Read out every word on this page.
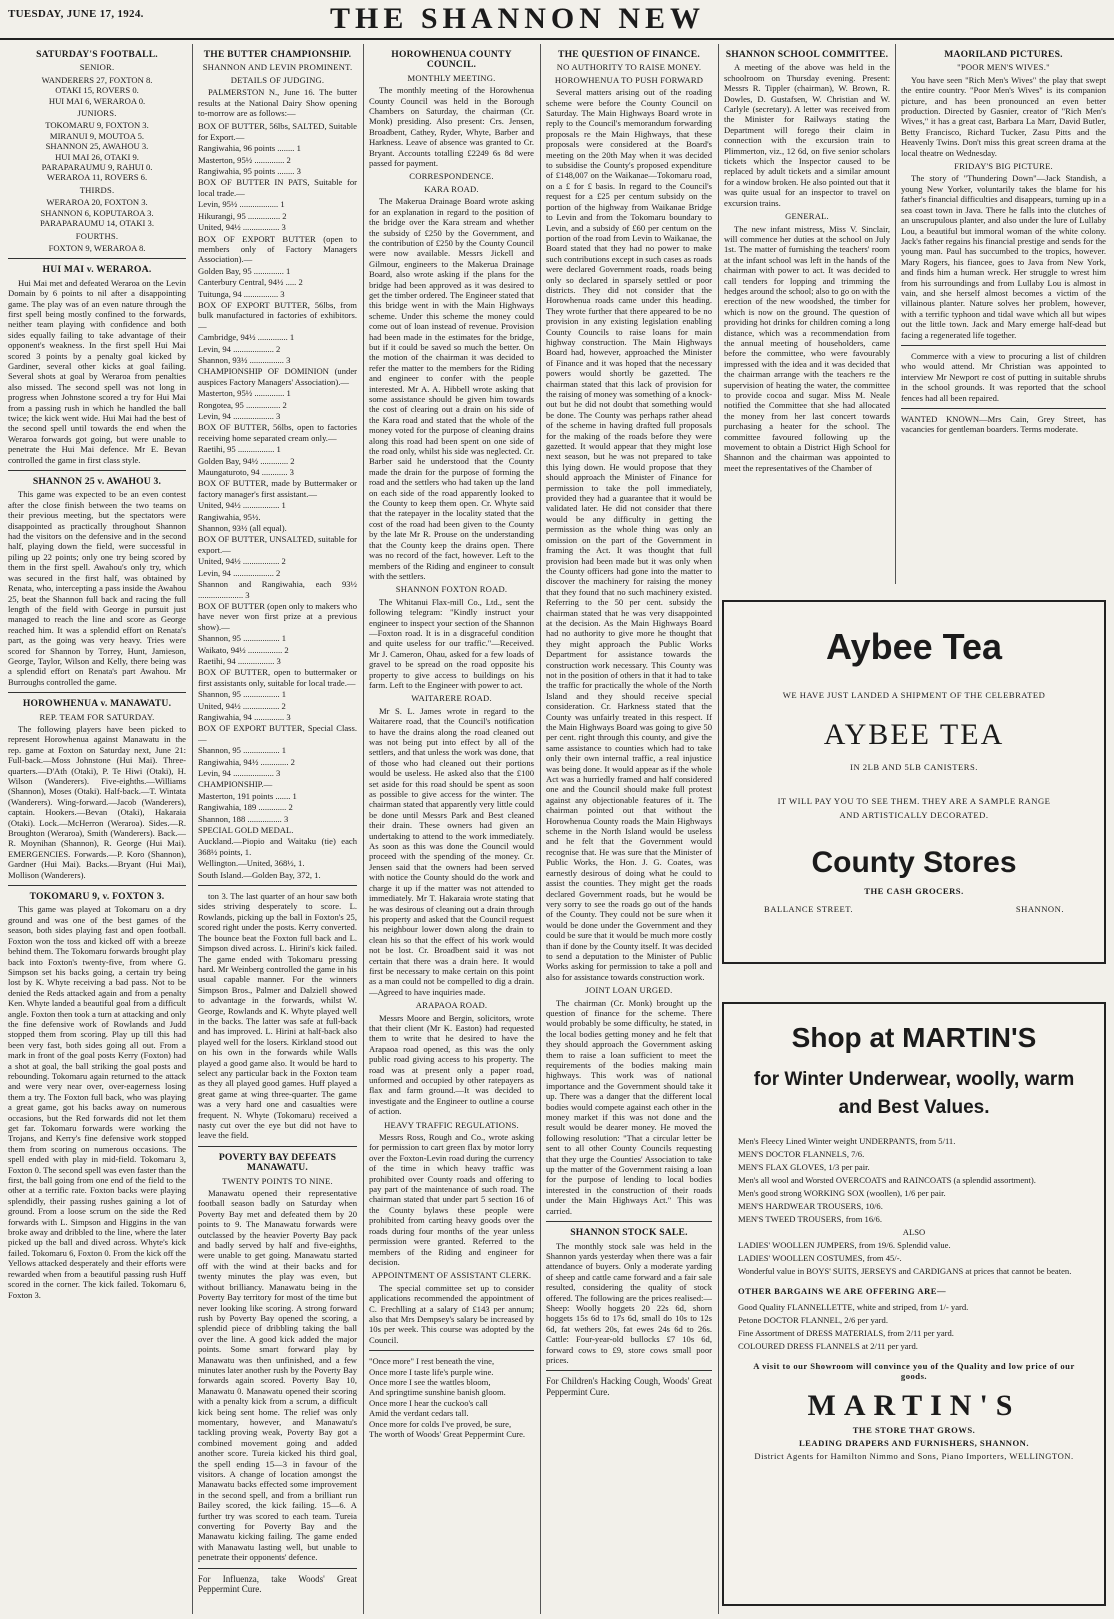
TUESDAY, JUNE 17, 1924.	THE SHANNON NEW
SATURDAY'S FOOTBALL.
SENIOR.
WANDERERS 27, FOXTON 8.
OTAKI 15, ROVERS 0.
HUI MAI 6, WERAROA 0.
JUNIORS.
TOKOMARU 9, FOXTON 3.
MIRANUI 9, MOUTOA 5.
SHANNON 25, AWAHOU 3.
HUI MAI 26, OTAKI 9.
PARAPARAUMU 9, RAHUI 0.
WERAROA 11, ROVERS 6.
THIRDS.
WERAROA 20, FOXTON 3.
SHANNON 6, KOPUTAROA 3.
PARAPARAUMU 14, OTAKI 3.
FOURTHS.
FOXTON 9, WERAROA 8.
HUI MAI v. WERAROA.

Hui Mai met and defeated Weraroa on the Levin Domain by 6 points to nil after a disappointing game. The play was of an even nature through the first spell being mostly confined to the forwards, neither team playing with confidence and both sides equally failing to take advantage of their opponent's weakness. In the first spell Hui Mai scored 3 points by a penalty goal kicked by Gardiner, several other kicks at goal failing. Several shots at goal by Weraroa from penalties also missed. The second spell was not long in progress when Johnstone scored a try for Hui Mai from a passing rush in which he handled the ball twice; the kick went wide. Hui Mai had the best of the second spell until towards the end when the Weraroa forwards got going, but were unable to penetrate the Hui Mai defence. Mr E. Bevan controlled the game in first class style.

SHANNON 25 v. AWAHOU 3.

This game was expected to be an even contest after the close finish between the two teams on their previous meeting, but the spectators were disappointed as practically throughout Shannon had the visitors on the defensive and in the second half, playing down the field, were successful in piling up 22 points; only one try being scored by them in the first spell. Awahou's only try, which was secured in the first half, was obtained by Renata, who, intercepting a pass inside the Awahou 25, beat the Shannon full back and racing the full length of the field with George in pursuit just managed to reach the line and score as George reached him. It was a splendid effort on Renata's part, as the going was very heavy. Tries were scored for Shannon by Torrey, Hunt, Jamieson, George, Taylor, Wilson and Kelly, there being was a splendid effort on Renata's part Awahou. Mr Burroughs controlled the game.

HOROWHENUA v. MANAWATU.
REP. TEAM FOR SATURDAY.

The following players have been picked to represent Horowhenua against Manawatu in the rep. game at Foxton on Saturday next, June 21: Full-back.—Moss Johnstone (Hui Mai). Three-quarters.—D'Ath (Otaki), P. Te Hiwi (Otaki), H. Wilson (Wanderers). Five-eighths.—Williams (Shannon), Moses (Otaki). Half-back.—T. Wintata (Wanderers). Wing-forward.—Jacob (Wanderers), captain. Hookers.—Bevan (Otaki), Hakaraia (Otaki). Lock.—McHerron (Weraroa). Sides.—R. Broughton (Weraroa), Smith (Wanderers). Back.—R. Moynihan (Shannon), R. George (Hui Mai). EMERGENCIES. Forwards.—P. Koro (Shannon), Gardner (Hui Mai). Backs.—Bryant (Hui Mai), Mollison (Wanderers).

TOKOMARU 9, v. FOXTON 3.

This game was played at Tokomaru on a dry ground and was one of the best games of the season, both sides playing fast and open football. Foxton won the toss and kicked off with a breeze behind them. The Tokomaru forwards brought play back into Foxton's twenty-five, from where G. Simpson set his backs going, a certain try being lost by K. Whyte receiving a bad pass. Not to be denied the Reds attacked again and from a penalty Ken. Whyte landed a beautiful goal from a difficult angle. Foxton then took a turn at attacking and only the fine defensive work of Rowlands and Judd stopped them from scoring. Play up till this had been very fast, both sides going all out. From a mark in front of the goal posts Kerry (Foxton) had a shot at goal, the ball striking the goal posts and rebounding. Tokomaru again returned to the attack and were very near over, over-eagerness losing them a try. The Foxton full back, who was playing a great game, got his backs away on numerous occasions, but the Red forwards did not let them get far. Tokomaru forwards were working the Trojans, and Kerry's fine defensive work stopped them from scoring on numerous occasions. The spell ended with play in mid-field. Tokomaru 3, Foxton 0. The second spell was even faster than the first, the ball going from one end of the field to the other at a terrific rate. Foxton backs were playing splendidly, their passing rushes gaining a lot of ground. From a loose scrum on the side the Red forwards with L. Simpson and Higgins in the van broke away and dribbled to the line, where the later picked up the ball and dived across. Whyte's kick failed. Tokomaru 6, Foxton 0. From the kick off the Yellows attacked desperately and their efforts were rewarded when from a beautiful passing rush Huff scored in the corner. The kick failed. Tokomaru 6, Foxton 3.

THE BUTTER CHAMPIONSHIP.
SHANNON AND LEVIN PROMINENT.
DETAILS OF JUDGING.

PALMERSTON N., June 16. The butter results at the National Dairy Show opening to-morrow are as follows:—

BOX OF BUTTER, 56lbs, SALTED, Suitable for Export.—
Rangiwahia, 96 points ........ 1
Masterton, 95½ .............. 2
Rangiwahia, 95 points ........ 3
BOX OF BUTTER IN PATS, Suitable for local trade.—
Levin, 95½ .................. 1
Hikurangi, 95 ............... 2
United, 94½ ................. 3
BOX OF EXPORT BUTTER (open to members only of Factory Managers Association).—
Golden Bay, 95 .............. 1
Canterbury Central, 94½ ..... 2
Tuitunga, 94 ................ 3
BOX OF EXPORT BUTTER, 56lbs, from bulk manufactured in factories of exhibitors.—
Cambridge, 94½ .............. 1
Levin, 94 ................... 2
Shannon, 93½ ................ 3
CHAMPIONSHIP OF DOMINION (under auspices Factory Managers' Association).—
Masterton, 95½ .............. 1
Rongotea, 95 ................ 2
Levin, 94 ................... 3
BOX OF BUTTER, 56lbs, open to factories receiving home separated cream only.—
Raetihi, 95 ................. 1
Golden Bay, 94½ ............. 2
Maungaturoto, 94 ............ 3
BOX OF BUTTER, made by Buttermaker or factory manager's first assistant.—
United, 94½ ................. 1
Rangiwahia, 95½.
Shannon, 93½ (all equal).
BOX OF BUTTER, UNSALTED, suitable for export.—
United, 94½ ................. 2
Levin, 94 ................... 2
Shannon and Rangiwahia, each 93½ ..................... 3
BOX OF BUTTER (open only to makers who have never won first prize at a previous show).—
Shannon, 95 ................. 1
Waikato, 94½ ................ 2
Raetihi, 94 ................. 3
BOX OF BUTTER, open to buttermaker or first assistants only, suitable for local trade.—
Shannon, 95 ................. 1
United, 94½ ................. 2
Rangiwahia, 94 .............. 3
BOX OF EXPORT BUTTER, Special Class.—
Shannon, 95 ................. 1
Rangiwahia, 94½ ............. 2
Levin, 94 ................... 3
CHAMPIONSHIP.—
Masterton, 191 points ....... 1
Rangiwahia, 189 ............. 2
Shannon, 188 ................ 3
SPECIAL GOLD MEDAL.
Auckland.—Piopio and Waitaku (tie) each 368½ points, 1.
Wellington.—United, 368½, 1.
South Island.—Golden Bay, 372, 1.

ton 3. The last quarter of an hour saw both sides striving desperately to score. L. Rowlands, picking up the ball in Foxton's 25, scored right under the posts. Kerry converted. The bounce beat the Foxton full back and L. Simpson dived across. L. Hirini's kick failed. The game ended with Tokomaru pressing hard. Mr Weinberg controlled the game in his usual capable manner. For the winners Simpson Bros., Palmer and Dalziell showed to advantage in the forwards, whilst W. George, Rowlands and K. Whyte played well in the backs. The latter was safe at full-back and has improved. L. Hirini at half-back also played well for the losers. Kirkland stood out on his own in the forwards while Walls played a good game also. It would be hard to select any particular back in the Foxton team as they all played good games. Huff played a great game at wing three-quarter. The game was a very hard one and casualties were frequent. N. Whyte (Tokomaru) received a nasty cut over the eye but did not have to leave the field.

POVERTY BAY DEFEATS MANAWATU.
TWENTY POINTS TO NINE.

Manawatu opened their representative football season badly on Saturday when Poverty Bay met and defeated them by 20 points to 9. The Manawatu forwards were outclassed by the heavier Poverty Bay pack and badly served by half and five-eighths, were unable to get going. Manawatu started off with the wind at their backs and for twenty minutes the play was even, but without brilliancy. Manawatu being in the Poverty Bay territory for most of the time but never looking like scoring. A strong forward rush by Poverty Bay opened the scoring, a splendid piece of dribbling taking the ball over the line. A good kick added the major points. Some smart forward play by Manawatu was then unfinished, and a few minutes later another rush by the Poverty Bay forwards again scored. Poverty Bay 10, Manawatu 0. Manawatu opened their scoring with a penalty kick from a scrum, a difficult kick being sent home. The relief was only momentary, however, and Manawatu's tackling proving weak, Poverty Bay got a combined movement going and added another score. Tureia kicked his third goal, the spell ending 15—3 in favour of the visitors. A change of location amongst the Manawatu backs effected some improvement in the second spell, and from a brilliant run Bailey scored, the kick failing. 15—6. A further try was scored to each team. Tureia converting for Poverty Bay and the Manawatu kicking failing. The game ended with Manawatu lasting well, but unable to penetrate their opponents' defence.

For Influenza, take Woods' Great Peppermint Cure.
HOROWHENUA COUNTY COUNCIL.
MONTHLY MEETING.

The monthly meeting of the Horowhenua County Council was held in the Borough Chambers on Saturday, the chairman (Cr. Monk) presiding. Also present: Crs. Jensen, Broadbent, Cathey, Ryder, Whyte, Barber and Harkness. Leave of absence was granted to Cr. Bryant. Accounts totalling £2249 6s 8d were passed for payment.

CORRESPONDENCE.
KARA ROAD.

The Makerua Drainage Board wrote asking for an explanation in regard to the position of the bridge over the Kara stream and whether the subsidy of £250 by the Government, and the contribution of £250 by the County Council were now available. Messrs Jickell and Gilmour, engineers to the Makerua Drainage Board, also wrote asking if the plans for the bridge had been approved as it was desired to get the timber ordered. The Engineer stated that this bridge went in with the Main Highways scheme. Under this scheme the money could come out of loan instead of revenue. Provision had been made in the estimates for the bridge, but if it could be saved so much the better. On the motion of the chairman it was decided to refer the matter to the members for the Riding and engineer to confer with the people interested. Mr A. A. Hibbell wrote asking that some assistance should be given him towards the cost of clearing out a drain on his side of the Kara road and stated that the whole of the money voted for the purpose of cleaning drains along this road had been spent on one side of the road only, whilst his side was neglected. Cr. Barber said he understood that the County made the drain for the purpose of forming the road and the settlers who had taken up the land on each side of the road apparently looked to the County to keep them open. Cr. Whyte said that the ratepayer in the locality stated that the cost of the road had been given to the County by the late Mr R. Prouse on the understanding that the County keep the drains open. There was no record of the fact, however. Left to the members of the Riding and engineer to consult with the settlers.

SHANNON FOXTON ROAD.

The Whitanui Flax-mill Co., Ltd., sent the following telegram: "Kindly instruct your engineer to inspect your section of the Shannon—Foxton road. It is in a disgraceful condition and quite useless for our traffic."—Received. Mr J. Cameron, Ohau, asked for a few loads of gravel to be spread on the road opposite his property to give access to buildings on his farm. Left to the Engineer with power to act.

WAITARERE ROAD.

Mr S. L. James wrote in regard to the Waitarere road, that the Council's notification to have the drains along the road cleaned out was not being put into effect by all of the settlers, and that unless the work was done, that of those who had cleaned out their portions would be useless. He asked also that the £100 set aside for this road should be spent as soon as possible to give access for the winter. The chairman stated that apparently very little could be done until Messrs Park and Best cleaned their drain. These owners had given an undertaking to attend to the work immediately. As soon as this was done the Council would proceed with the spending of the money. Cr. Jensen said that the owners had been served with notice the County should do the work and charge it up if the matter was not attended to immediately. Mr T. Hakaraia wrote stating that he was desirous of cleaning out a drain through his property and asked that the Council request his neighbour lower down along the drain to clean his so that the effect of his work would not be lost. Cr. Broadbent said it was not certain that there was a drain here. It would first be necessary to make certain on this point as a man could not be compelled to dig a drain.—Agreed to have inquiries made.

ARAPAOA ROAD.

Messrs Moore and Bergin, solicitors, wrote that their client (Mr K. Easton) had requested them to write that he desired to have the Arapaoa road opened, as this was the only public road giving access to his property. The road was at present only a paper road, unformed and occupied by other ratepayers as flax and farm ground.—It was decided to investigate and the Engineer to outline a course of action.

HEAVY TRAFFIC REGULATIONS.

Messrs Ross, Rough and Co., wrote asking for permission to cart green flax by motor lorry over the Foxton-Levin road during the currency of the time in which heavy traffic was prohibited over County roads and offering to pay part of the maintenance of such road. The chairman stated that under part 5 section 16 of the County bylaws these people were prohibited from carting heavy goods over the roads during four months of the year unless permission were granted. Referred to the members of the Riding and engineer for decision.

APPOINTMENT OF ASSISTANT CLERK.

The special committee set up to consider applications recommended the appointment of C. Frechlling at a salary of £143 per annum; also that Mrs Dempsey's salary be increased by 10s per week. This course was adopted by the Council.

"Once more" I rest beneath the vine,
Once more I taste life's purple wine.
Once more I see the wattles bloom,
And springtime sunshine banish gloom.
Once more I hear the cuckoo's call
Amid the verdant cedars tall.
Once more for colds I've proved, be sure,
The worth of Woods' Great Peppermint Cure.
THE QUESTION OF FINANCE.
NO AUTHORITY TO RAISE MONEY.
HOROWHENUA TO PUSH FORWARD

Several matters arising out of the roading scheme were before the County Council on Saturday. The Main Highways Board wrote in reply to the Council's memorandum forwarding proposals re the Main Highways, that these proposals were considered at the Board's meeting on the 20th May when it was decided to subsidise the County's proposed expenditure of £148,007 on the Waikanae—Tokomaru road, on a £ for £ basis. In regard to the Council's request for a £25 per centum subsidy on the portion of the highway from Waikanae Bridge to Levin and from the Tokomaru boundary to Levin, and a subsidy of £60 per centum on the portion of the road from Levin to Waikanae, the Board stated that they had no power to make such contributions except in such cases as roads were declared Government roads, roads being only so declared in sparsely settled or poor districts. They did not consider that the Horowhenua roads came under this heading. They wrote further that there appeared to be no provision in any existing legislation enabling County Councils to raise loans for main highway construction. The Main Highways Board had, however, approached the Minister of Finance and it was hoped that the necessary powers would shortly be gazetted. The chairman stated that this lack of provision for the raising of money was something of a knock-out but he did not doubt that something would be done. The County was perhaps rather ahead of the scheme in having drafted full proposals for the making of the roads before they were gazetted. It would appear that they might lose next season, but he was not prepared to take this lying down. He would propose that they should approach the Minister of Finance for permission to take the poll immediately, provided they had a guarantee that it would be validated later. He did not consider that there would be any difficulty in getting the permission as the whole thing was only an omission on the part of the Government in framing the Act. It was thought that full provision had been made but it was only when the County officers had gone into the matter to discover the machinery for raising the money that they found that no such machinery existed. Referring to the 50 per cent. subsidy the chairman stated that he was very disappointed at the decision. As the Main Highways Board had no authority to give more he thought that they might approach the Public Works Department for assistance towards the construction work necessary. This County was not in the position of others in that it had to take the traffic for practically the whole of the North Island and they should receive special consideration. Cr. Harkness stated that the County was unfairly treated in this respect. If the Main Highways Board was going to give 50 per cent. right through this county, and give the same assistance to counties which had to take only their own internal traffic, a real injustice was being done. It would appear as if the whole Act was a hurriedly framed and half considered one and the Council should make full protest against any objectionable features of it. The chairman pointed out that without the Horowhenua County roads the Main Highways scheme in the North Island would be useless and he felt that the Government would recognise that. He was sure that the Minister of Public Works, the Hon. J. G. Coates, was earnestly desirous of doing what he could to assist the counties. They might get the roads declared Government roads, but he would be very sorry to see the roads go out of the hands of the County. They could not be sure when it would be done under the Government and they could be sure that it would be much more costly than if done by the County itself. It was decided to send a deputation to the Minister of Public Works asking for permission to take a poll and also for assistance towards construction work.

JOINT LOAN URGED.

The chairman (Cr. Monk) brought up the question of finance for the scheme. There would probably be some difficulty, he stated, in the local bodies getting money and he felt that they should approach the Government asking them to raise a loan sufficient to meet the requirements of the bodies making main highways. This work was of national importance and the Government should take it up. There was a danger that the different local bodies would compete against each other in the money market if this was not done and the result would be dearer money. He moved the following resolution: "That a circular letter be sent to all other County Councils requesting that they urge the Counties' Association to take up the matter of the Government raising a loan for the purpose of lending to local bodies interested in the construction of their roads under the Main Highways Act." This was carried.

SHANNON STOCK SALE.

The monthly stock sale was held in the Shannon yards yesterday when there was a fair attendance of buyers. Only a moderate yarding of sheep and cattle came forward and a fair sale resulted, considering the quality of stock offered. The following are the prices realised:—Sheep: Woolly hoggets 20 22s 6d, shorn hoggets 15s 6d to 17s 6d, small do 10s to 12s 6d, fat wethers 20s, fat ewes 24s 6d to 26s. Cattle: Four-year-old bullocks £7 10s 6d, forward cows to £9, store cows small poor prices.

For Children's Hacking Cough, Woods' Great Peppermint Cure.
SHANNON SCHOOL COMMITTEE.

A meeting of the above was held in the schoolroom on Thursday evening. Present: Messrs R. Tippler (chairman), W. Brown, R. Dowles, D. Gustafsen, W. Christian and W. Carlyle (secretary). A letter was received from the Minister for Railways stating the Department will forego their claim in connection with the excursion train to Plimmerton, viz., 12 6d, on five senior scholars tickets which the Inspector caused to be replaced by adult tickets and a similar amount for a window broken. He also pointed out that it was quite usual for an inspector to travel on excursion trains.

GENERAL.

The new infant mistress, Miss V. Sinclair, will commence her duties at the school on July 1st. The matter of furnishing the teachers' room at the infant school was left in the hands of the chairman with power to act. It was decided to call tenders for lopping and trimming the hedges around the school; also to go on with the erection of the new woodshed, the timber for which is now on the ground. The question of providing hot drinks for children coming a long distance, which was a recommendation from the annual meeting of householders, came before the committee, who were favourably impressed with the idea and it was decided that the chairman arrange with the teachers re the supervision of heating the water, the committee to provide cocoa and sugar. Miss M. Neale notified the Committee that she had allocated the money from her last concert towards purchasing a heater for the school. The committee favoured following up the movement to obtain a District High School for Shannon and the chairman was appointed to meet the representatives of the Chamber of

MAORILAND PICTURES.
"POOR MEN'S WIVES."

You have seen "Rich Men's Wives" the play that swept the entire country. "Poor Men's Wives" is its companion picture, and has been pronounced an even better production. Directed by Gasnier, creator of "Rich Men's Wives," it has a great cast, Barbara La Marr, David Butler, Betty Francisco, Richard Tucker, Zasu Pitts and the Heavenly Twins. Don't miss this great screen drama at the local theatre on Wednesday.

FRIDAY'S BIG PICTURE.

The story of "Thundering Down"—Jack Standish, a young New Yorker, voluntarily takes the blame for his father's financial difficulties and disappears, turning up in a sea coast town in Java. There he falls into the clutches of an unscrupulous planter, and also under the lure of Lullaby Lou, a beautiful but immoral woman of the white colony. Jack's father regains his financial prestige and sends for the young man. Paul has succumbed to the tropics, however. Mary Rogers, his fiancee, goes to Java from New York, and finds him a human wreck. Her struggle to wrest him from his surroundings and from Lullaby Lou is almost in vain, and she herself almost becomes a victim of the villainous planter. Nature solves her problem, however, with a terrific typhoon and tidal wave which all but wipes out the little town. Jack and Mary emerge half-dead but facing a regenerated life together.

Commerce with a view to procuring a list of children who would attend. Mr Christian was appointed to interview Mr Newport re cost of putting in suitable shrubs in the school grounds. It was reported that the school fences had all been repaired.

WANTED KNOWN—Mrs Cain, Grey Street, has vacancies for gentleman boarders. Terms moderate.

Aybee Tea
WE HAVE JUST LANDED A SHIPMENT OF THE CELEBRATED
AYBEE TEA
IN 2LB AND 5LB CANISTERS.
IT WILL PAY YOU TO SEE THEM. THEY ARE A SAMPLE RANGE AND ARTISTICALLY DECORATED.
County Stores
THE CASH GROCERS.
BALLANCE STREET.	SHANNON.
Shop at MARTIN'S
for Winter Underwear, woolly, warm and Best Values.
Men's Fleecy Lined Winter weight UNDERPANTS, from 5/11.
MEN'S DOCTOR FLANNELS, 7/6.
MEN'S FLAX GLOVES, 1/3 per pair.
Men's all wool and Worsted OVERCOATS and RAINCOATS (a splendid assortment).
Men's good strong WORKING SOX (woollen), 1/6 per pair.
MEN'S HARDWEAR TROUSERS, 10/6.
MEN'S TWEED TROUSERS, from 16/6.
ALSO
LADIES' WOOLLEN JUMPERS, from 19/6. Splendid value.
LADIES' WOOLLEN COSTUMES, from 45/-.
Wonderful value in BOYS' SUITS, JERSEYS and CARDIGANS at prices that cannot be beaten.
OTHER BARGAINS WE ARE OFFERING ARE—
Good Quality FLANNELLETTE, white and striped, from 1/- yard.
Petone DOCTOR FLANNEL, 2/6 per yard.
Fine Assortment of DRESS MATERIALS, from 2/11 per yard.
COLOURED DRESS FLANNELS at 2/11 per yard.
A visit to our Showroom will convince you of the Quality and low price of our goods.
MARTIN'S
THE STORE THAT GROWS.
LEADING DRAPERS AND FURNISHERS, SHANNON.
District Agents for Hamilton Nimmo and Sons, Piano Importers, WELLINGTON.
